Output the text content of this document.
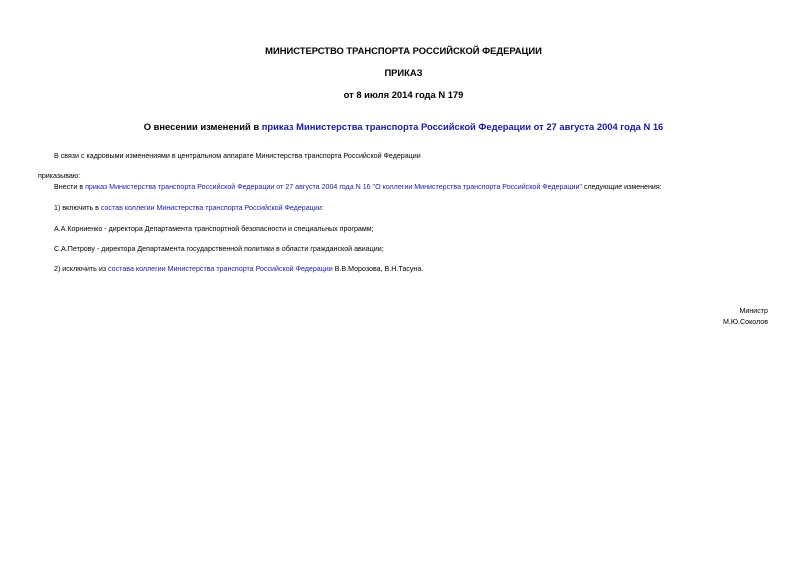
МИНИСТЕРСТВО ТРАНСПОРТА РОССИЙСКОЙ ФЕДЕРАЦИИ
ПРИКАЗ
от 8 июля 2014 года N 179
О внесении изменений в приказ Министерства транспорта Российской Федерации от 27 августа 2004 года N 16
В связи с кадровыми изменениями в центральном аппарате Министерства транспорта Российской Федерации
приказываю:
Внести в приказ Министерства транспорта Российской Федерации от 27 августа 2004 года N 16 "О коллегии Министерства транспорта Российской Федерации" следующие изменения:
1) включить в состав коллегии Министерства транспорта Российской Федерации:
А.А.Корниенко - директора Департамента транспортной безопасности и специальных программ;
С.А.Петрову - директора Департамента государственной политики в области гражданской авиации;
2) исключить из состава коллегии Министерства транспорта Российской Федерации В.В.Морозова, В.Н.Тасуна.
Министр
М.Ю.Соколов
